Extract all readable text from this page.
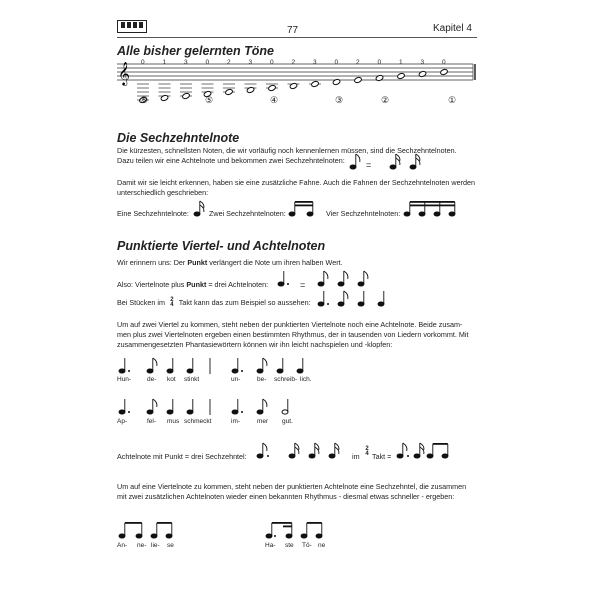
77	Kapitel 4
Alle bisher gelernten Töne
𝄞 0	1	3	0	2	3	0	2	3	0	2	0	1	3	0
⑥	⑤	④	③	②	①
Die Sechzehntelnote
Die kürzesten, schnellsten Noten, die wir vorläufig noch kennenlernen müssen, sind die Sechzehntelnoten.
Dazu teilen wir eine Achtelnote und bekommen zwei Sechzehntelnoten: =
Damit wir sie leicht erkennen, haben sie eine zusätzliche Fahne. Auch die Fahnen der Sechzehntelnoten werden
unterschiedlich geschrieben:
Eine Sechzehntelnote:	Zwei Sechzehntelnoten:	Vier Sechzehntelnoten:
Punktierte Viertel- und Achtelnoten
Wir erinnern uns: Der Punkt verlängert die Note um ihren halben Wert.
Also: Viertelnote plus Punkt = drei Achtelnoten:	=
Bei Stücken im 2
4 Takt kann das zum Beispiel so aussehen:
Um auf zwei Viertel zu kommen, steht neben der punktierten Viertelnote noch eine Achtelnote. Beide zusam-
men plus zwei Viertelnoten ergeben einen bestimmten Rhythmus, der in tausenden von Liedern vorkommt. Mit
zusammengesetzten Phantasiewörtern können wir ihn leicht nachspielen und -klopfen:
Hun- de- kot stinkt	un-	be- schreib- lich.
Ap-	fel- mus schmeckt	im-	mer gut.
Achtelnote mit Punkt = drei Sechzehntel:	im
2
4 Takt =
Um auf eine Viertelnote zu kommen, steht neben der punktierten Achtelnote eine Sechzehntel, die zusammen
mit zwei zusätzlichen Achtelnoten wieder einen bekannten Rhythmus - diesmal etwas schneller - ergeben:
An- ne- lie- se	Ha- ste Tö- ne
